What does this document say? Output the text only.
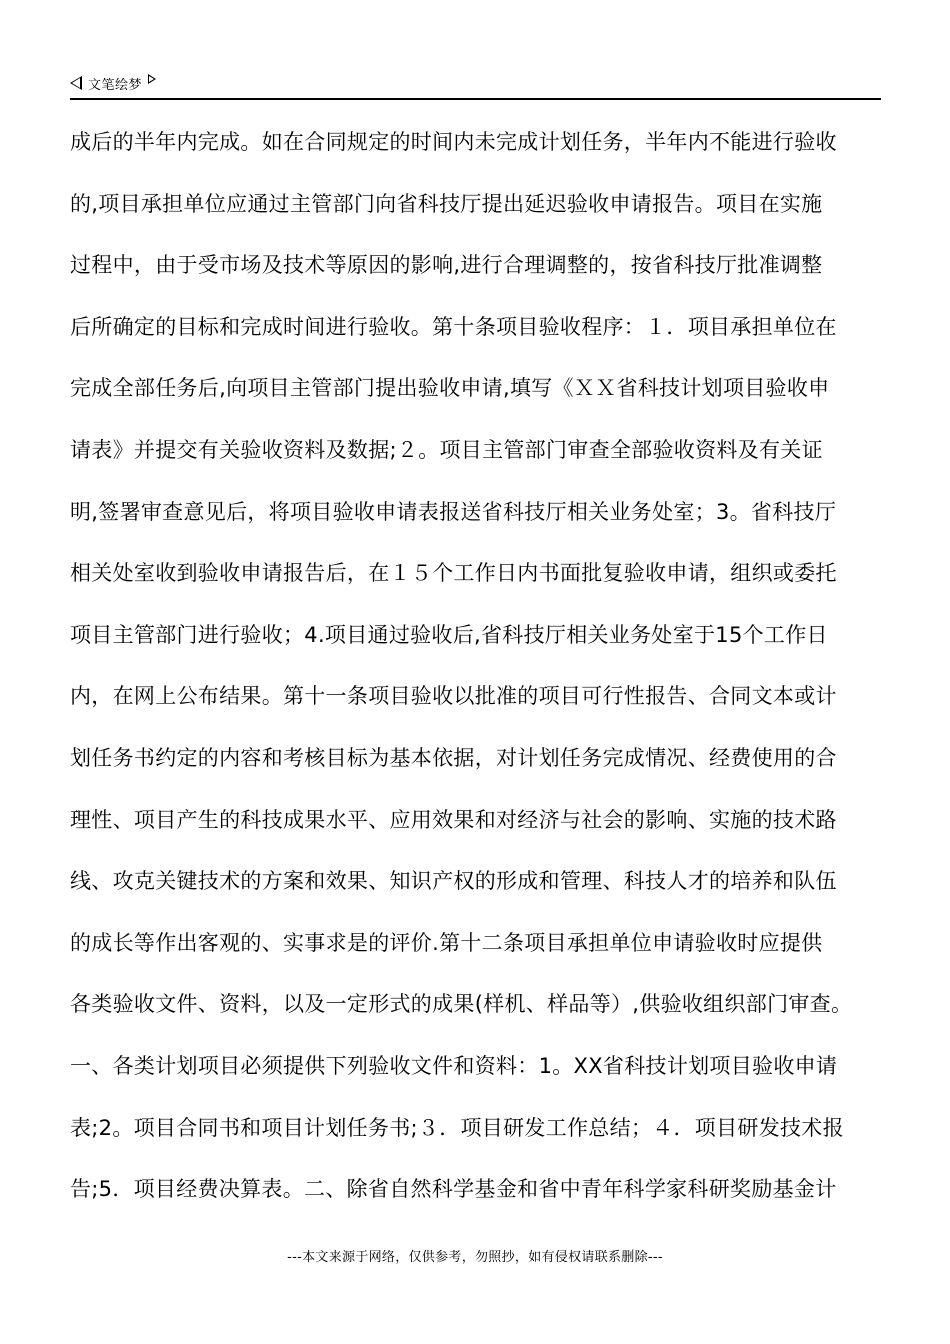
文笔绘梦
成后的半年内完成。如在合同规定的时间内未完成计划任务，半年内不能进行验收
的,项目承担单位应通过主管部门向省科技厅提出延迟验收申请报告。项目在实施
过程中，由于受市场及技术等原因的影响,进行合理调整的，按省科技厅批准调整
后所确定的目标和完成时间进行验收。第十条项目验收程序：１．项目承担单位在
完成全部任务后,向项目主管部门提出验收申请,填写《ＸＸ省科技计划项目验收申
请表》并提交有关验收资料及数据;２。项目主管部门审查全部验收资料及有关证
明,签署审查意见后，将项目验收申请表报送省科技厅相关业务处室；3。省科技厅
相关处室收到验收申请报告后，在１５个工作日内书面批复验收申请，组织或委托
项目主管部门进行验收；4.项目通过验收后,省科技厅相关业务处室于15个工作日
内，在网上公布结果。第十一条项目验收以批准的项目可行性报告、合同文本或计
划任务书约定的内容和考核目标为基本依据，对计划任务完成情况、经费使用的合
理性、项目产生的科技成果水平、应用效果和对经济与社会的影响、实施的技术路
线、攻克关键技术的方案和效果、知识产权的形成和管理、科技人才的培养和队伍
的成长等作出客观的、实事求是的评价.第十二条项目承担单位申请验收时应提供
各类验收文件、资料，以及一定形式的成果(样机、样品等）,供验收组织部门审查。
一、各类计划项目必须提供下列验收文件和资料：1。XX省科技计划项目验收申请
表;2。项目合同书和项目计划任务书;３．项目研发工作总结；４．项目研发技术报
告;5．项目经费决算表。二、除省自然科学基金和省中青年科学家科研奖励基金计
---本文来源于网络，仅供参考，勿照抄，如有侵权请联系删除---
